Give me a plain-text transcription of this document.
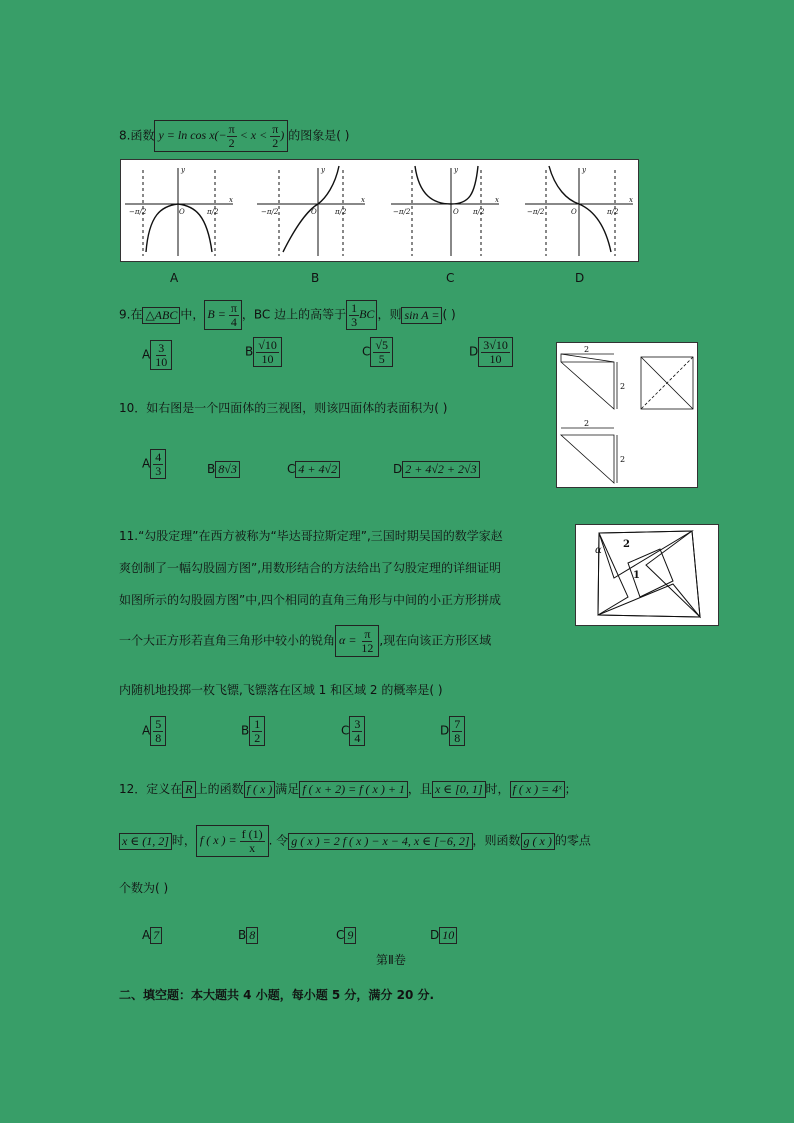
8.函数 $y = \ln \cos x(- \frac{\pi}{2} < x < \frac{\pi}{2}$ ) 的图象是( )
y
x
O
−π/2	π/2
y
x
O
−π/2	π/2
y
x
O
−π/2	π/2
y
x
O
−π/2	π/2
A	B	C	D
9.在 △ABC 中， $B = \frac{\pi}{4}$ ，BC 边上的高等于 $\frac{1}{3}$ BC ，则 sin A = ( )
A $\frac{3}{10}$	B $\frac{√10}{10}$	C $\frac{√5}{5}$	D $\frac{3√10}{10}$	2
2
2
2
10．如右图是一个四面体的三视图，则该四面体的表面积为( )
A $\frac{4}{3}$	B 8√3	C 4 + 4√2	D 2 + 4√2 + 2√3
α
2
1
11.“勾股定理”在西方被称为“毕达哥拉斯定理”,三国时期吴国的数学家赵
爽创制了一幅勾股圆方图”,用数形结合的方法给出了勾股定理的详细证明
如图所示的勾股圆方图”中,四个相同的直角三角形与中间的小正方形拼成
一个大正方形若直角三角形中较小的锐角 $\alpha = \frac{\pi}{12}$ ,现在向该正方形区域
内随机地投掷一枚飞镖,飞镖落在区域 1 和区域 2 的概率是( )
A $\frac{5}{8}$	B $\frac{1}{2}$	C $\frac{3}{4}$	D $\frac{7}{8}$
12．定义在 R 上的函数 f ( x ) 满足 f ( x + 2) = f ( x ) + 1 ，且 x ∈ [0, 1] 时， f ( x ) = 4ˣ ；
x ∈ (1, 2] 时， f ( x ) = $\frac{f (1)}{x}$ . 令 g ( x ) = 2 f ( x ) − x − 4, x ∈ [−6, 2] ，则函数 g ( x ) 的零点
个数为( )
A 7	B 8	C 9	D 10
第Ⅱ卷
二、填空题：本大题共 4 小题，每小题 5 分，满分 20 分.
